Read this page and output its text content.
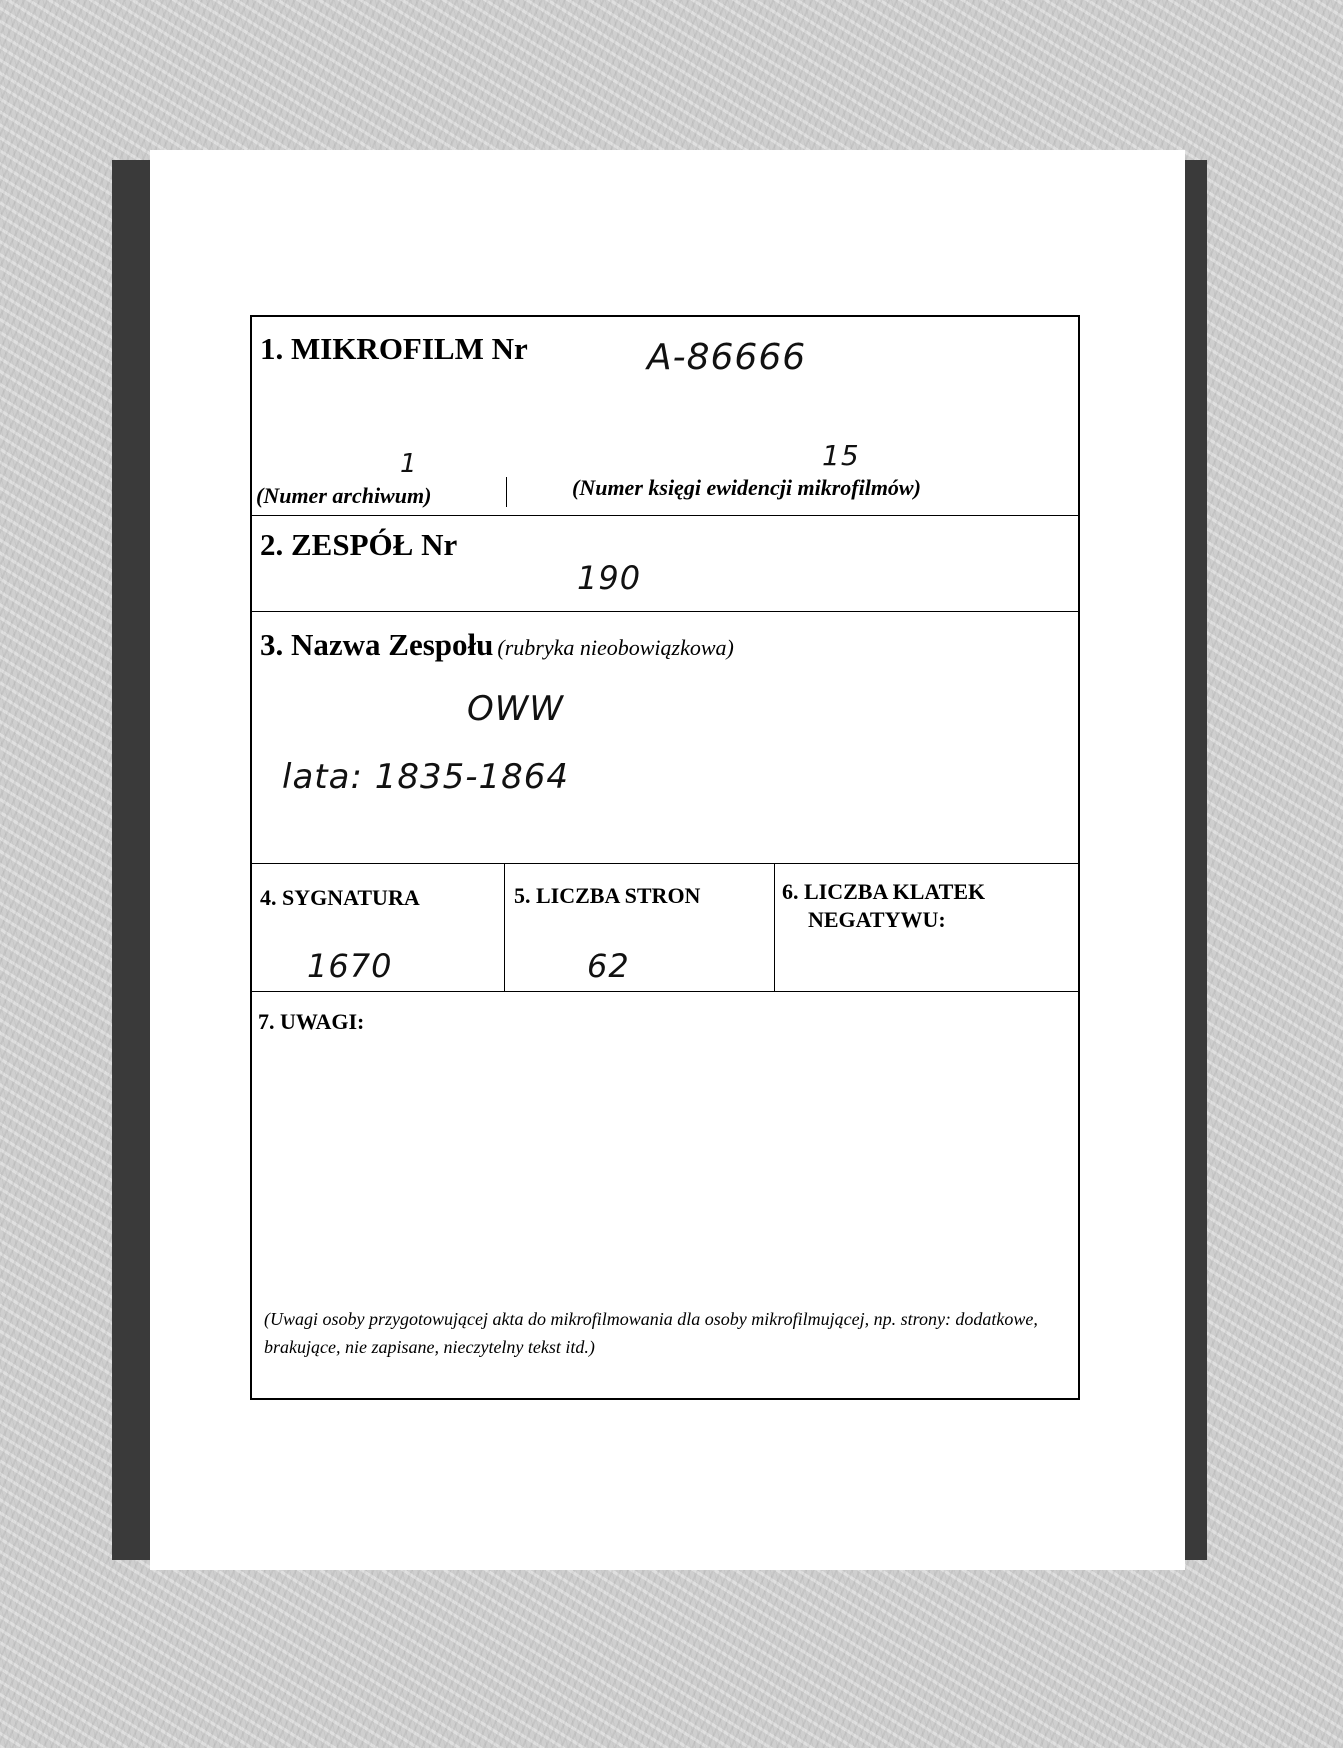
1. MIKROFILM Nr	A-86666
1	15
(Numer archiwum)	(Numer księgi ewidencji mikrofilmów)
2. ZESPÓŁ Nr
190
3. Nazwa Zespołu (rubryka nieobowiązkowa)
OWW
lata: 1835-1864
4. SYGNATURA	5. LICZBA STRON	6. LICZBA KLATEK
NEGATYWU:
1670	62
7. UWAGI:
(Uwagi osoby przygotowującej akta do mikrofilmowania dla osoby mikrofilmującej, np. strony: dodatkowe, brakujące, nie zapisane, nieczytelny tekst itd.)
